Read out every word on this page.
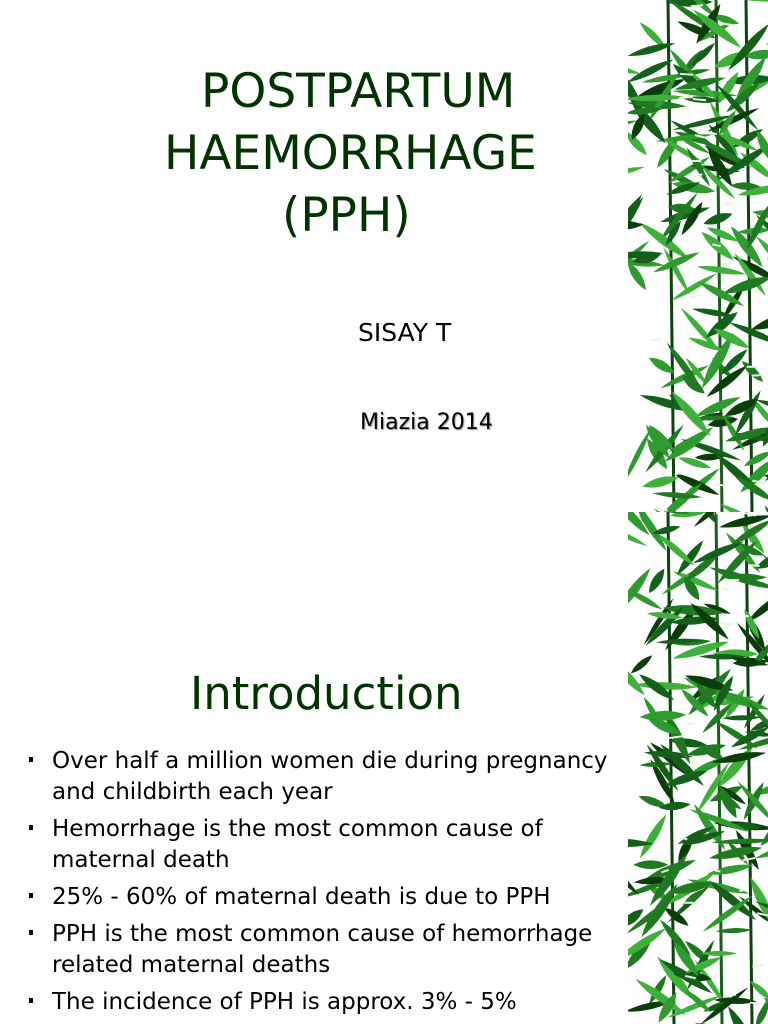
POSTPARTUM
HAEMORRHAGE
(PPH)
SISAY T
Miazia 2014
Introduction
Over half a million women die during pregnancy
and childbirth each year
Hemorrhage is the most common cause of
maternal death
25% - 60% of maternal death is due to PPH
PPH is the most common cause of hemorrhage
related maternal deaths
The incidence of PPH is approx. 3% - 5%
